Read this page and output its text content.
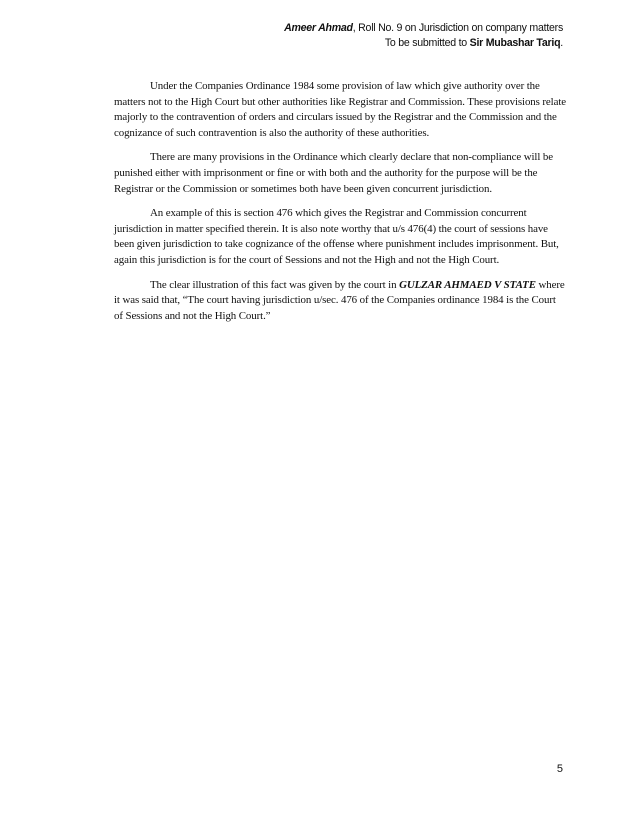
Ameer Ahmad, Roll No. 9 on Jurisdiction on company matters
To be submitted to Sir Mubashar Tariq.

Under the Companies Ordinance 1984 some provision of law which give authority over the matters not to the High Court but other authorities like Registrar and Commission. These provisions relate majorly to the contravention of orders and circulars issued by the Registrar and the Commission and the cognizance of such contravention is also the authority of these authorities.

There are many provisions in the Ordinance which clearly declare that non-compliance will be punished either with imprisonment or fine or with both and the authority for the purpose will be the Registrar or the Commission or sometimes both have been given concurrent jurisdiction.

An example of this is section 476 which gives the Registrar and Commission concurrent jurisdiction in matter specified therein. It is also note worthy that u/s 476(4) the court of sessions have been given jurisdiction to take cognizance of the offense where punishment includes imprisonment. But, again this jurisdiction is for the court of Sessions and not the High and not the High Court.

The clear illustration of this fact was given by the court in GULZAR AHMAED V STATE where it was said that, “The court having jurisdiction u/sec. 476 of the Companies ordinance 1984 is the Court of Sessions and not the High Court.”

5
